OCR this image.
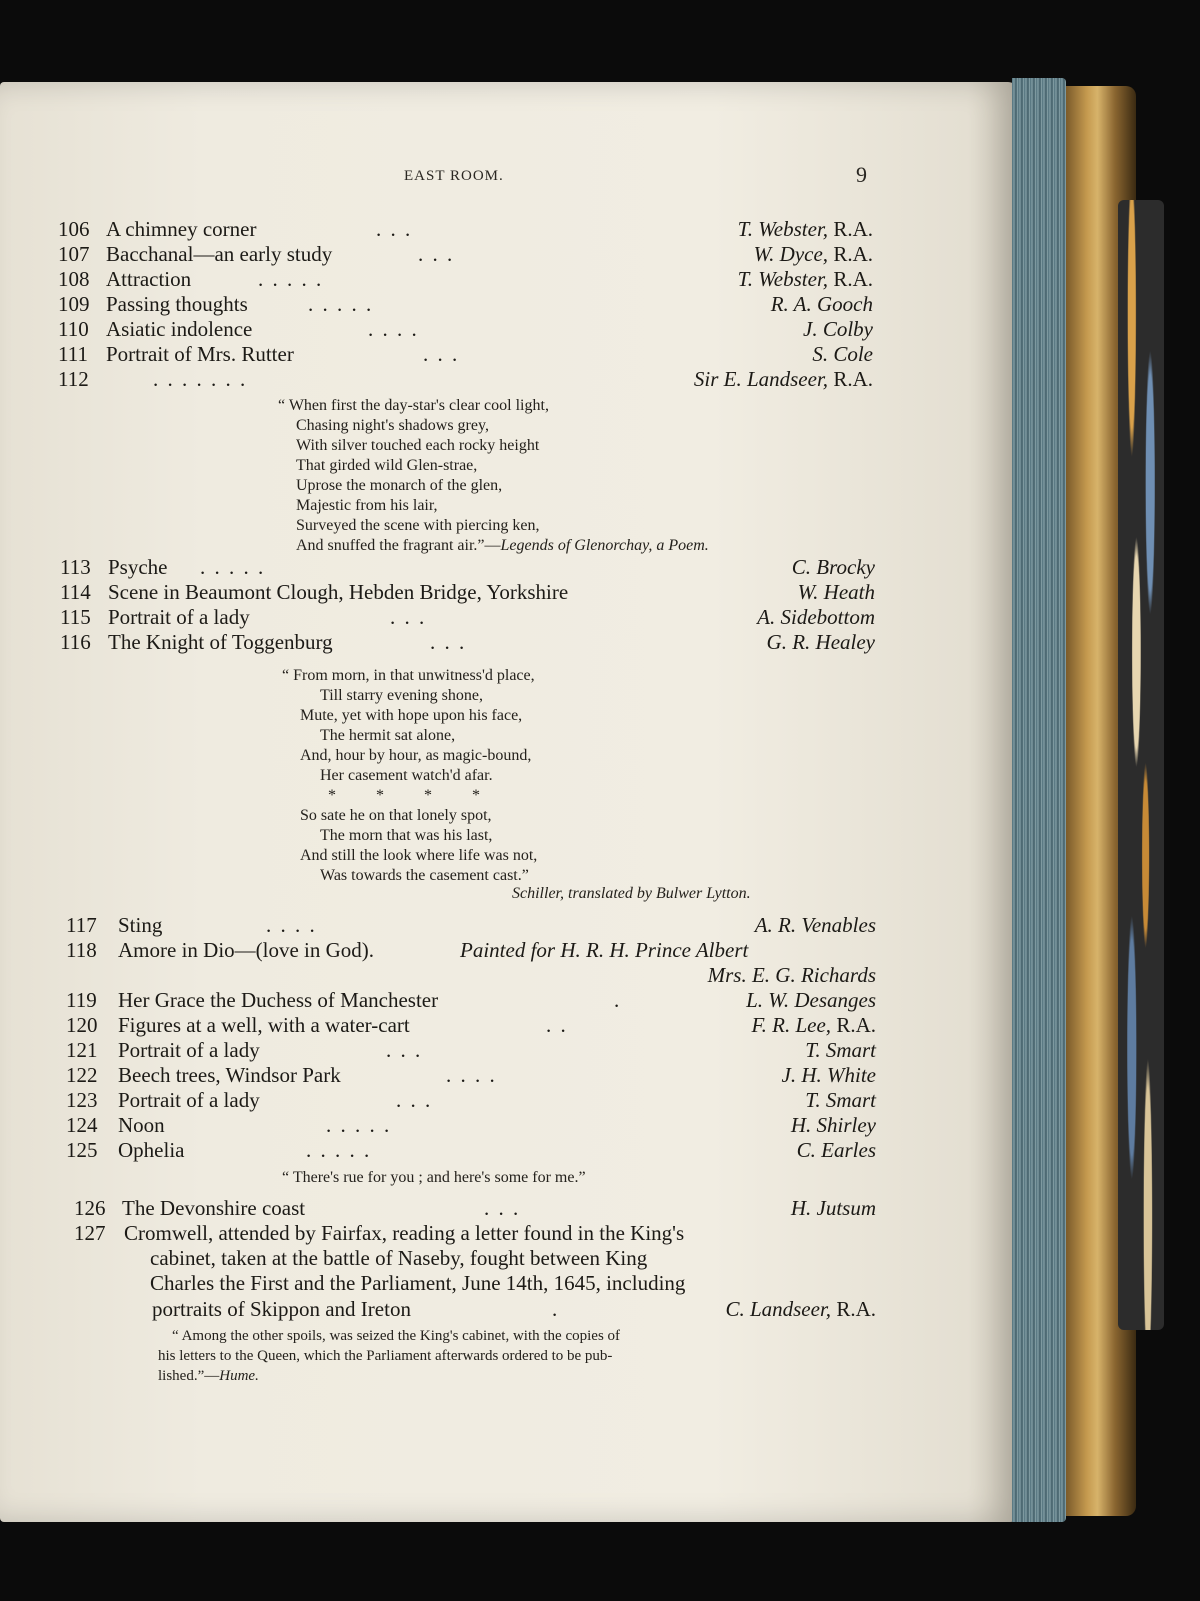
EAST ROOM.	9
106 A chimney corner	. . .	T. Webster, R.A.
107 Bacchanal—an early study	. . .	W. Dyce, R.A.
108 Attraction	. . . . .	T. Webster, R.A.
109 Passing thoughts	. . . . .	R. A. Gooch
110 Asiatic indolence	. . . .	J. Colby
111 Portrait of Mrs. Rutter	. . .	S. Cole
112	. . . . . . .	Sir E. Landseer, R.A.
“ When first the day-star's clear cool light,
Chasing night's shadows grey,
With silver touched each rocky height
That girded wild Glen-strae,
Uprose the monarch of the glen,
Majestic from his lair,
Surveyed the scene with piercing ken,
And snuffed the fragrant air.”—Legends of Glenorchay, a Poem.
113 Psyche . . . . .	C. Brocky
114 Scene in Beaumont Clough, Hebden Bridge, Yorkshire	W. Heath
115 Portrait of a lady	. . .	A. Sidebottom
116 The Knight of Toggenburg	. . .	G. R. Healey
“ From morn, in that unwitness'd place,
Till starry evening shone,
Mute, yet with hope upon his face,
The hermit sat alone,
And, hour by hour, as magic-bound,
Her casement watch'd afar.
*          *          *          *
So sate he on that lonely spot,
The morn that was his last,
And still the look where life was not,
Was towards the casement cast.”
Schiller, translated by Bulwer Lytton.
117 Sting	. . . .	A. R. Venables
118 Amore in Dio—(love in God).	Painted for H. R. H. Prince Albert
Mrs. E. G. Richards
119 Her Grace the Duchess of Manchester	.	L. W. Desanges
120 Figures at a well, with a water-cart	. .	F. R. Lee, R.A.
121 Portrait of a lady	. . .	T. Smart
122 Beech trees, Windsor Park	. . . .	J. H. White
123 Portrait of a lady	. . .	T. Smart
124 Noon	. . . . .	H. Shirley
125 Ophelia	. . . . .	C. Earles
“ There's rue for you ; and here's some for me.”
126 The Devonshire coast	. . .	H. Jutsum
127 Cromwell, attended by Fairfax, reading a letter found in the King's
cabinet, taken at the battle of Naseby, fought between King
Charles the First and the Parliament, June 14th, 1645, including
portraits of Skippon and Ireton	.	C. Landseer, R.A.
“ Among the other spoils, was seized the King's cabinet, with the copies of
his letters to the Queen, which the Parliament afterwards ordered to be pub-
lished.”—Hume.
